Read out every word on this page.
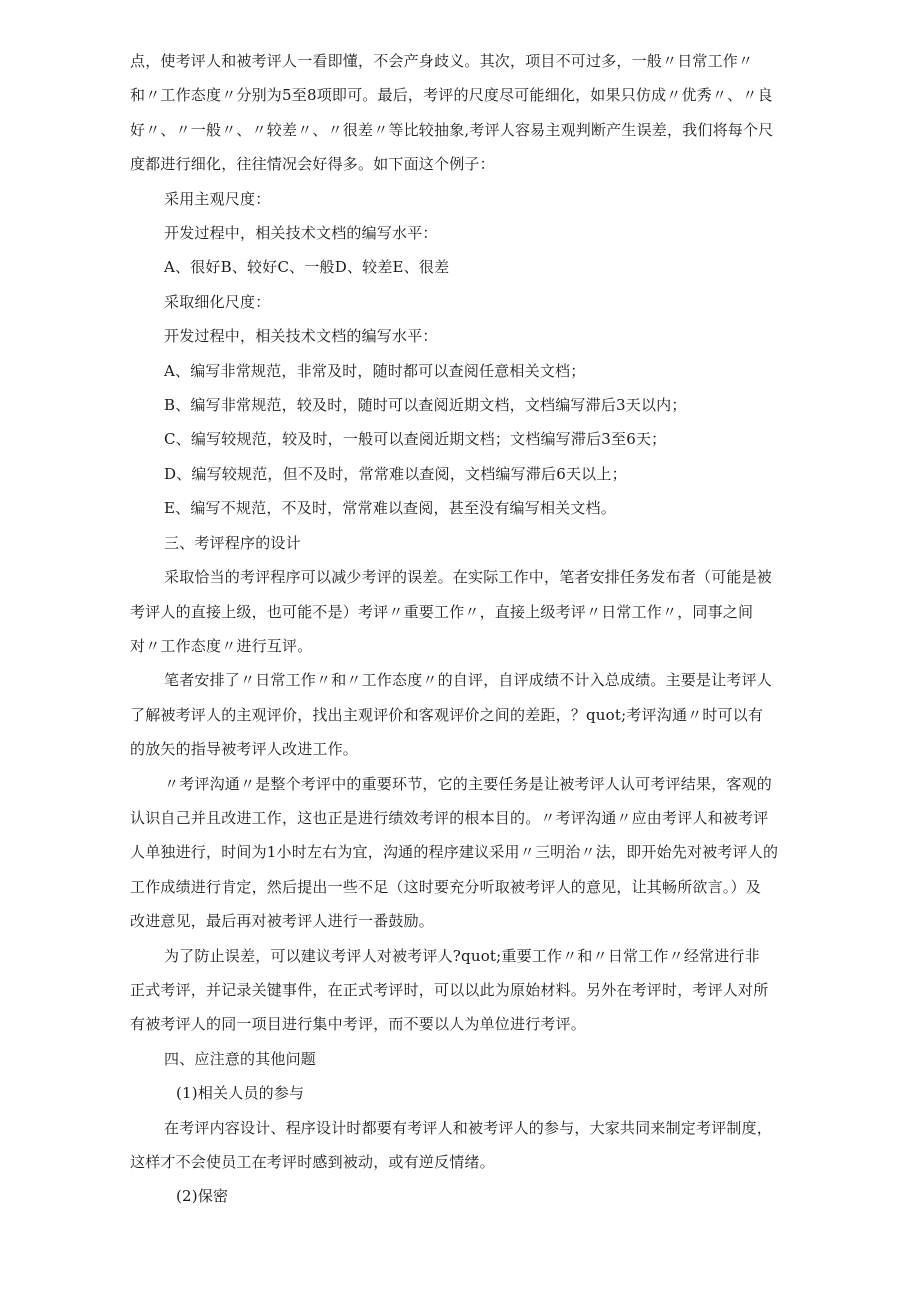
点，使考评人和被考评人一看即懂，不会产身歧义。其次，项目不可过多，一般〃日常工作〃
和〃工作态度〃分别为5至8项即可。最后，考评的尺度尽可能细化，如果只仿成〃优秀〃、〃良
好〃、〃一般〃、〃较差〃、〃很差〃等比较抽象,考评人容易主观判断产生误差，我们将每个尺
度都进行细化，往往情况会好得多。如下面这个例子：
采用主观尺度：
开发过程中，相关技术文档的编写水平：
A、很好B、较好C、一般D、较差E、很差
采取细化尺度：
开发过程中，相关技术文档的编写水平：
A、编写非常规范，非常及时，随时都可以查阅任意相关文档；
B、编写非常规范，较及时，随时可以查阅近期文档，文档编写滞后3天以内；
C、编写较规范，较及时，一般可以查阅近期文档；文档编写滞后3至6天；
D、编写较规范，但不及时，常常难以查阅，文档编写滞后6天以上；
E、编写不规范，不及时，常常难以查阅，甚至没有编写相关文档。
三、考评程序的设计
采取恰当的考评程序可以减少考评的误差。在实际工作中，笔者安排任务发布者（可能是被
考评人的直接上级，也可能不是）考评〃重要工作〃，直接上级考评〃日常工作〃，同事之间
对〃工作态度〃进行互评。
笔者安排了〃日常工作〃和〃工作态度〃的自评，自评成绩不计入总成绩。主要是让考评人
了解被考评人的主观评价，找出主观评价和客观评价之间的差距，？quot;考评沟通〃时可以有
的放矢的指导被考评人改进工作。
〃考评沟通〃是整个考评中的重要环节，它的主要任务是让被考评人认可考评结果，客观的
认识自己并且改进工作，这也正是进行绩效考评的根本目的。〃考评沟通〃应由考评人和被考评
人单独进行，时间为1小时左右为宜，沟通的程序建议采用〃三明治〃法，即开始先对被考评人的
工作成绩进行肯定，然后提出一些不足（这时要充分听取被考评人的意见，让其畅所欲言。）及
改进意见，最后再对被考评人进行一番鼓励。
为了防止误差，可以建议考评人对被考评人?quot;重要工作〃和〃日常工作〃经常进行非
正式考评，并记录关键事件，在正式考评时，可以以此为原始材料。另外在考评时，考评人对所
有被考评人的同一项目进行集中考评，而不要以人为单位进行考评。
四、应注意的其他问题
(1)相关人员的参与
在考评内容设计、程序设计时都要有考评人和被考评人的参与，大家共同来制定考评制度，
这样才不会使员工在考评时感到被动，或有逆反情绪。
(2)保密
